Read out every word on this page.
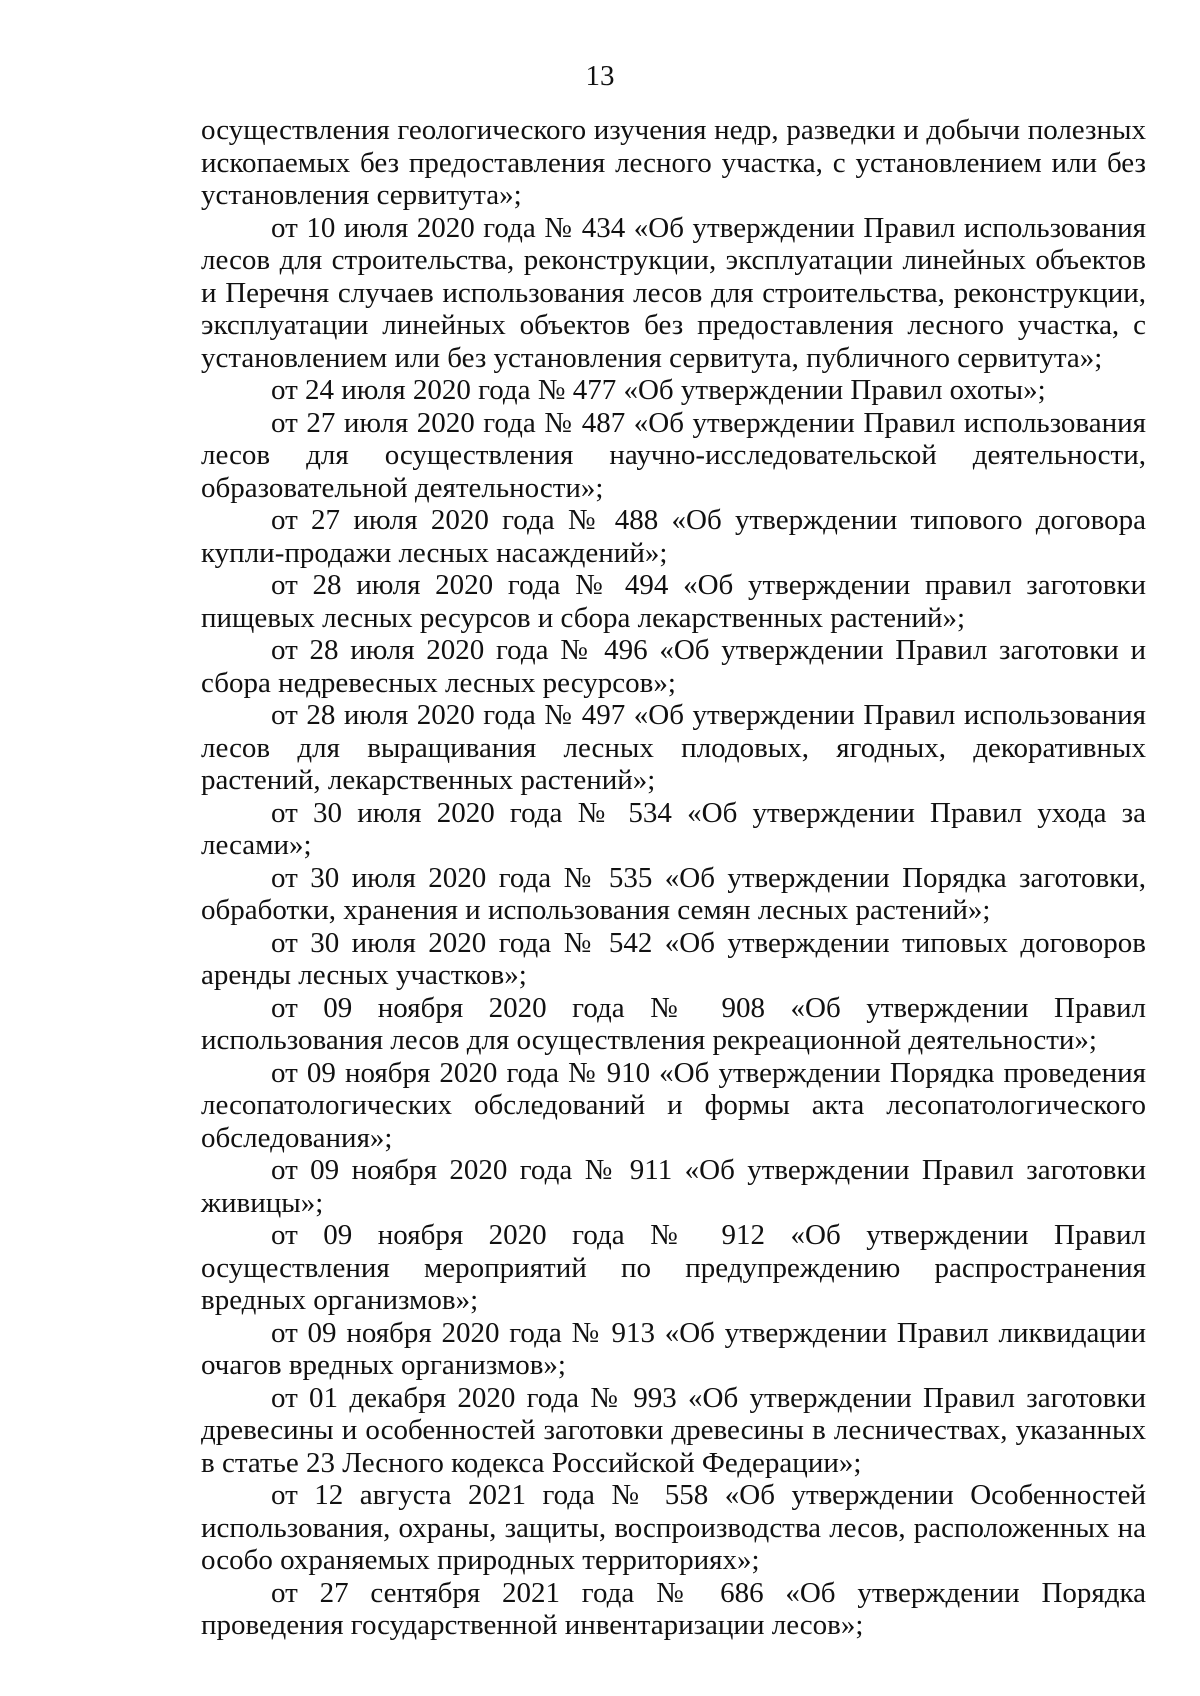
13

осуществления геологического изучения недр, разведки и добычи полезных ископаемых без предоставления лесного участка, с установлением или без установления сервитута»;

от 10 июля 2020 года № 434 «Об утверждении Правил использования лесов для строительства, реконструкции, эксплуатации линейных объектов и Перечня случаев использования лесов для строительства, реконструкции, эксплуатации линейных объектов без предоставления лесного участка, с установлением или без установления сервитута, публичного сервитута»;

от 24 июля 2020 года № 477 «Об утверждении Правил охоты»;

от 27 июля 2020 года № 487 «Об утверждении Правил использования лесов для осуществления научно-исследовательской деятельности, образовательной деятельности»;

от 27 июля 2020 года № 488 «Об утверждении типового договора купли-продажи лесных насаждений»;

от 28 июля 2020 года № 494 «Об утверждении правил заготовки пищевых лесных ресурсов и сбора лекарственных растений»;

от 28 июля 2020 года № 496 «Об утверждении Правил заготовки и сбора недревесных лесных ресурсов»;

от 28 июля 2020 года № 497 «Об утверждении Правил использования лесов для выращивания лесных плодовых, ягодных, декоративных растений, лекарственных растений»;

от 30 июля 2020 года № 534 «Об утверждении Правил ухода за лесами»;

от 30 июля 2020 года № 535 «Об утверждении Порядка заготовки, обработки, хранения и использования семян лесных растений»;

от 30 июля 2020 года № 542 «Об утверждении типовых договоров аренды лесных участков»;

от 09 ноября 2020 года № 908 «Об утверждении Правил использования лесов для осуществления рекреационной деятельности»;

от 09 ноября 2020 года № 910 «Об утверждении Порядка проведения лесопатологических обследований и формы акта лесопатологического обследования»;

от 09 ноября 2020 года № 911 «Об утверждении Правил заготовки живицы»;

от 09 ноября 2020 года № 912 «Об утверждении Правил осуществления мероприятий по предупреждению распространения вредных организмов»;

от 09 ноября 2020 года № 913 «Об утверждении Правил ликвидации очагов вредных организмов»;

от 01 декабря 2020 года № 993 «Об утверждении Правил заготовки древесины и особенностей заготовки древесины в лесничествах, указанных в статье 23 Лесного кодекса Российской Федерации»;

от 12 августа 2021 года № 558 «Об утверждении Особенностей использования, охраны, защиты, воспроизводства лесов, расположенных на особо охраняемых природных территориях»;

от 27 сентября 2021 года № 686 «Об утверждении Порядка проведения государственной инвентаризации лесов»;
